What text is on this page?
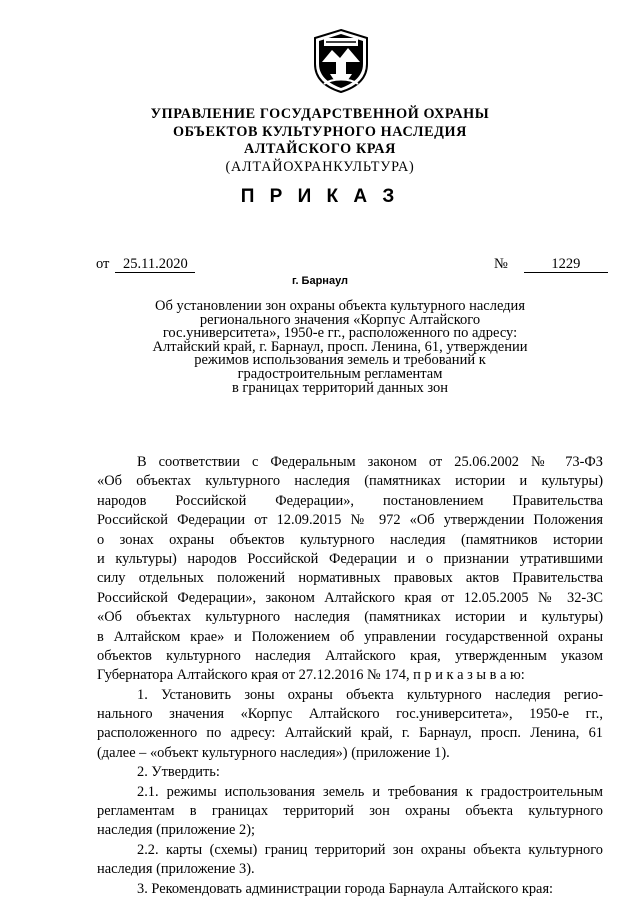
УПРАВЛЕНИЕ ГОСУДАРСТВЕННОЙ ОХРАНЫ
ОБЪЕКТОВ КУЛЬТУРНОГО НАСЛЕДИЯ
АЛТАЙСКОГО КРАЯ
(АЛТАЙОХРАНКУЛЬТУРА)
П Р И К А З
от 25.11.2020	№	1229
г. Барнаул
Об установлении зон охраны объекта культурного наследия
регионального значения «Корпус Алтайского
гос.университета», 1950-е гг., расположенного по адресу:
Алтайский край, г. Барнаул, просп. Ленина, 61, утверждении
режимов использования земель и требований к
градостроительным регламентам
в границах территорий данных зон
В соответствии с Федеральным законом от 25.06.2002 № 73-ФЗ
«Об объектах культурного наследия (памятниках истории и культуры)
народов Российской Федерации», постановлением Правительства
Российской Федерации от 12.09.2015 № 972 «Об утверждении Положения
о зонах охраны объектов культурного наследия (памятников истории
и культуры) народов Российской Федерации и о признании утратившими
силу отдельных положений нормативных правовых актов Правительства
Российской Федерации», законом Алтайского края от 12.05.2005 № 32-ЗС
«Об объектах культурного наследия (памятниках истории и культуры)
в Алтайском крае» и Положением об управлении государственной охраны
объектов культурного наследия Алтайского края, утвержденным указом
Губернатора Алтайского края от 27.12.2016 № 174, п р и к а з ы в а ю:
1. Установить зоны охраны объекта культурного наследия регио-
нального значения «Корпус Алтайского гос.университета», 1950-е гг.,
расположенного по адресу: Алтайский край, г. Барнаул, просп. Ленина, 61
(далее – «объект культурного наследия») (приложение 1).
2. Утвердить:
2.1. режимы использования земель и требования к градостроительным
регламентам в границах территорий зон охраны объекта культурного
наследия (приложение 2);
2.2. карты (схемы) границ территорий зон охраны объекта культурного
наследия (приложение 3).
3. Рекомендовать администрации города Барнаула Алтайского края:
